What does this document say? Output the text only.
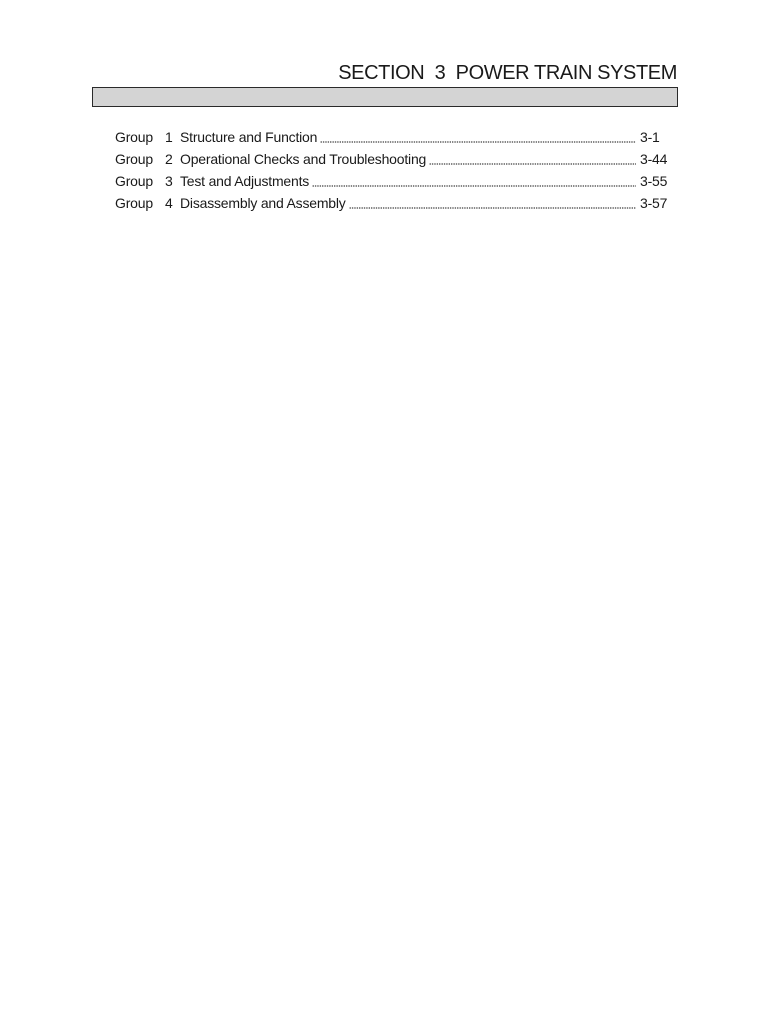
SECTION  3  POWER TRAIN SYSTEM
Group 1 Structure and Function	3-1
Group 2 Operational Checks and Troubleshooting	3-44
Group 3 Test and Adjustments	3-55
Group 4 Disassembly and Assembly	3-57
